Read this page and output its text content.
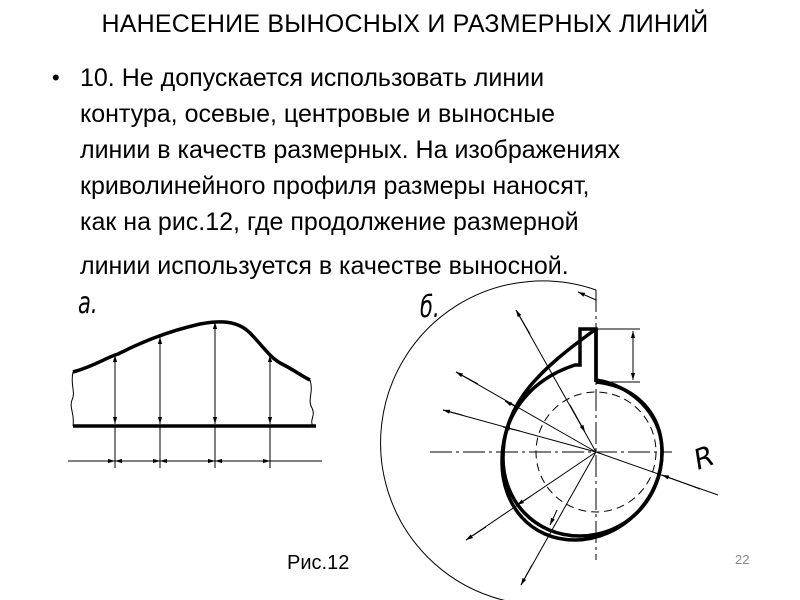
НАНЕСЕНИЕ ВЫНОСНЫХ И РАЗМЕРНЫХ ЛИНИЙ
• 10. Не допускается использовать линии
контура, осевые, центровые и выносные
линии в качеств размерных. На изображениях
криволинейного профиля размеры наносят,
как на рис.12, где продолжение размерной
линии используется в качестве выносной.
а.	б.
R
Рис.12	22
